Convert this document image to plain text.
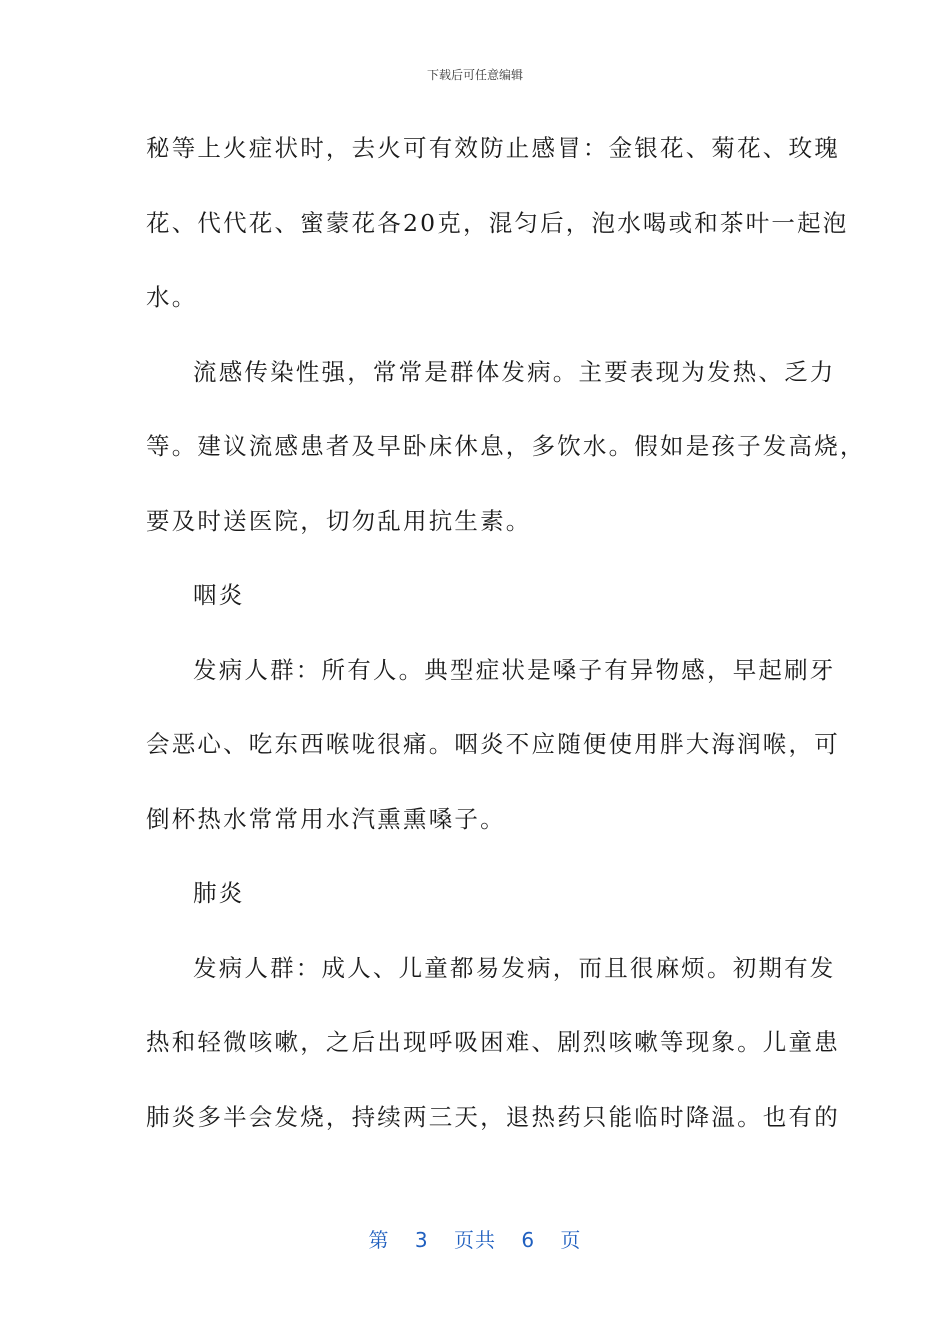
下载后可任意编辑
秘等上火症状时，去火可有效防止感冒：金银花、菊花、玫瑰
花、代代花、蜜蒙花各20克，混匀后，泡水喝或和茶叶一起泡
水。
流感传染性强，常常是群体发病。主要表现为发热、乏力
等。建议流感患者及早卧床休息，多饮水。假如是孩子发高烧，
要及时送医院，切勿乱用抗生素。
咽炎
发病人群：所有人。典型症状是嗓子有异物感，早起刷牙
会恶心、吃东西喉咙很痛。咽炎不应随便使用胖大海润喉，可
倒杯热水常常用水汽熏熏嗓子。
肺炎
发病人群：成人、儿童都易发病，而且很麻烦。初期有发
热和轻微咳嗽，之后出现呼吸困难、剧烈咳嗽等现象。儿童患
肺炎多半会发烧，持续两三天，退热药只能临时降温。也有的
第 3 页共 6 页
